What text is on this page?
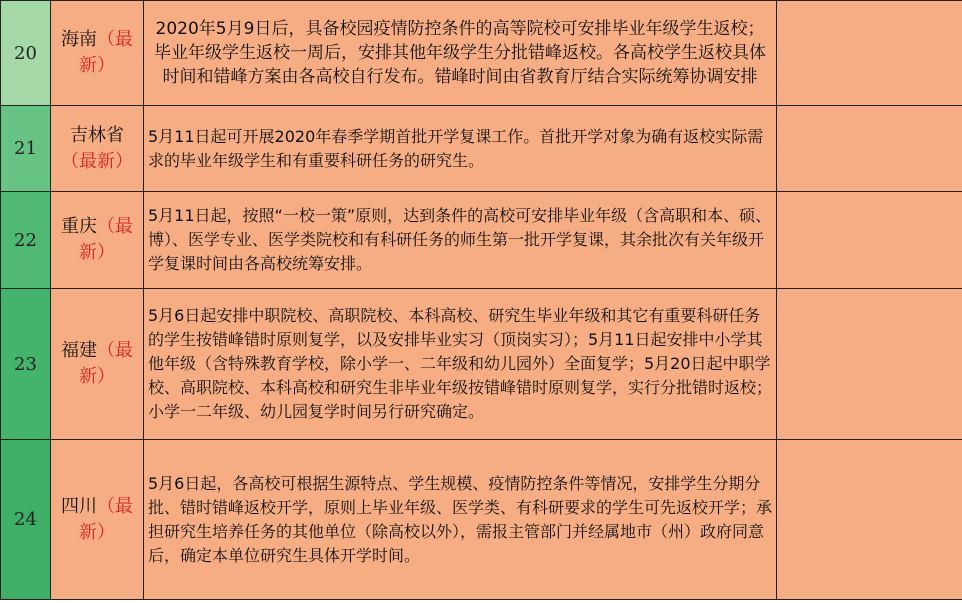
20	海南（最新）	2020年5月9日后，具备校园疫情防控条件的高等院校可安排毕业年级学生返校；毕业年级学生返校一周后，安排其他年级学生分批错峰返校。各高校学生返校具体时间和错峰方案由各高校自行发布。错峰时间由省教育厅结合实际统筹协调安排	
21	吉林省（最新）	5月11日起可开展2020年春季学期首批开学复课工作。首批开学对象为确有返校实际需求的毕业年级学生和有重要科研任务的研究生。	
22	重庆（最新）	5月11日起，按照“一校一策”原则，达到条件的高校可安排毕业年级（含高职和本、硕、博）、医学专业、医学类院校和有科研任务的师生第一批开学复课，其余批次有关年级开学复课时间由各高校统筹安排。	
23	福建（最新）	5月6日起安排中职院校、高职院校、本科高校、研究生毕业年级和其它有重要科研任务的学生按错峰错时原则复学，以及安排毕业实习（顶岗实习）；5月11日起安排中小学其他年级（含特殊教育学校，除小学一、二年级和幼儿园外）全面复学；5月20日起中职学校、高职院校、本科高校和研究生非毕业年级按错峰错时原则复学，实行分批错时返校；小学一二年级、幼儿园复学时间另行研究确定。	
24	四川（最新）	5月6日起，各高校可根据生源特点、学生规模、疫情防控条件等情况，安排学生分期分批、错时错峰返校开学，原则上毕业年级、医学类、有科研要求的学生可先返校开学；承担研究生培养任务的其他单位（除高校以外），需报主管部门并经属地市（州）政府同意后，确定本单位研究生具体开学时间。	
